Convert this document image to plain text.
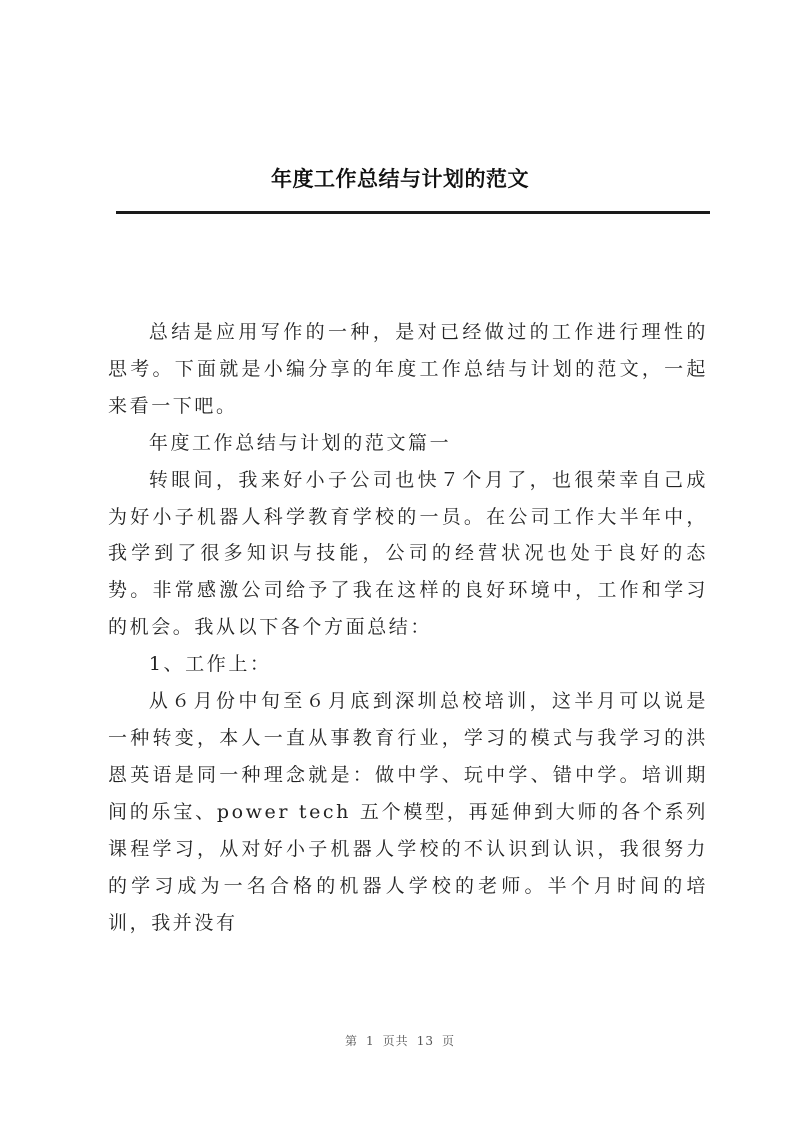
年度工作总结与计划的范文

总结是应用写作的一种，是对已经做过的工作进行理性的思考。下面就是小编分享的年度工作总结与计划的范文，一起来看一下吧。

年度工作总结与计划的范文篇一

转眼间，我来好小子公司也快７个月了，也很荣幸自己成为好小子机器人科学教育学校的一员。在公司工作大半年中，我学到了很多知识与技能，公司的经营状况也处于良好的态势。非常感激公司给予了我在这样的良好环境中，工作和学习的机会。我从以下各个方面总结：

1、工作上：

从６月份中旬至６月底到深圳总校培训，这半月可以说是一种转变，本人一直从事教育行业，学习的模式与我学习的洪恩英语是同一种理念就是：做中学、玩中学、错中学。培训期间的乐宝、power tech 五个模型，再延伸到大师的各个系列课程学习，从对好小子机器人学校的不认识到认识，我很努力的学习成为一名合格的机器人学校的老师。半个月时间的培训，我并没有

第 1 页共 13 页
